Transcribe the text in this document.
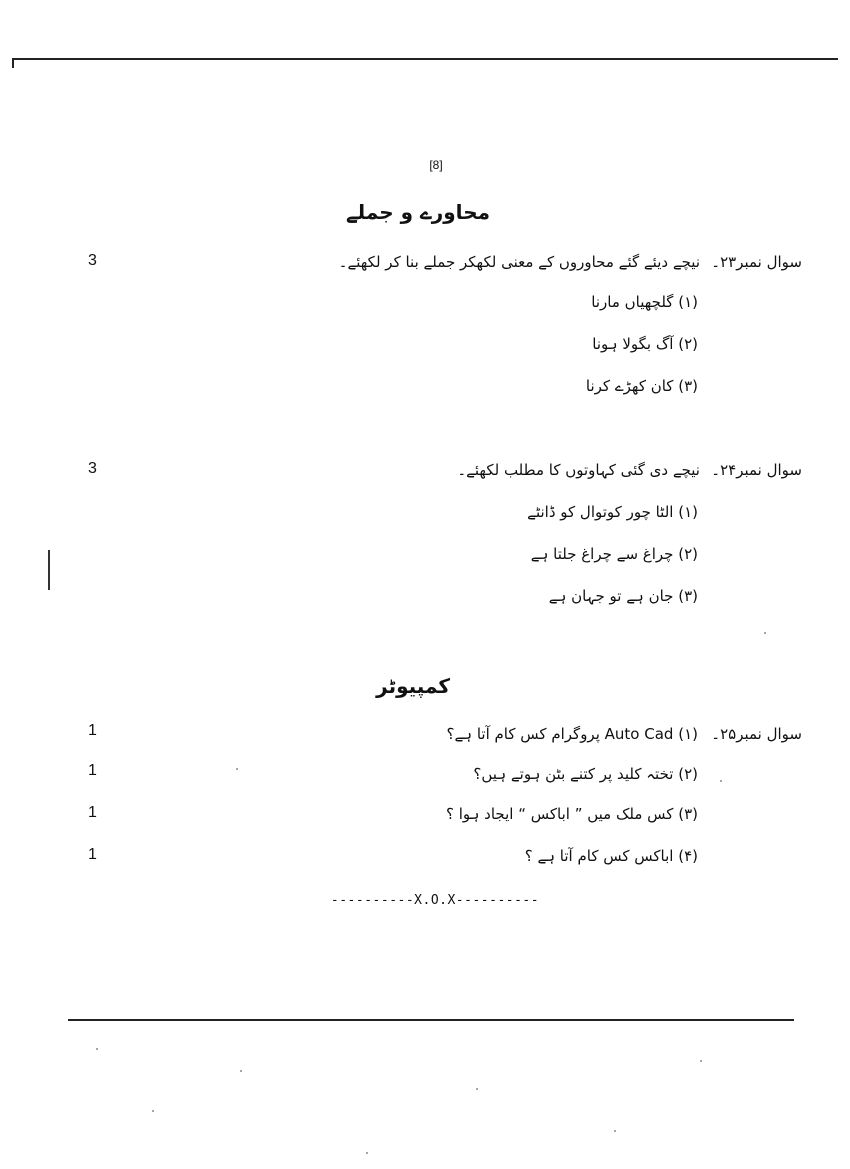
[8]
محاورے و جملے
سوال نمبر۲۳۔
نیچے دیئے گئے محاوروں کے معنی لکھکر جملے بنا کر لکھئے۔
3
(۱) گلچھیاں مارنا
(۲) آگ بگولا ہونا
(۳) کان کھڑے کرنا
سوال نمبر۲۴۔
نیچے دی گئی کہاوتوں کا مطلب لکھئے۔
3
(۱) الٹا چور کوتوال کو ڈانٹے
(۲) چراغ سے چراغ جلتا ہے
(۳) جان ہے تو جہان ہے
کمپیوٹر
سوال نمبر۲۵۔
(۱) Auto Cad پروگرام کس کام آتا ہے؟
1
(۲) تختہ کلید پر کتنے بٹن ہوتے ہیں؟
1
(۳) کس ملک میں ” اباکس “ ایجاد ہوا ؟
1
(۴) اباکس کس کام آتا ہے ؟
1
----------X.O.X----------
